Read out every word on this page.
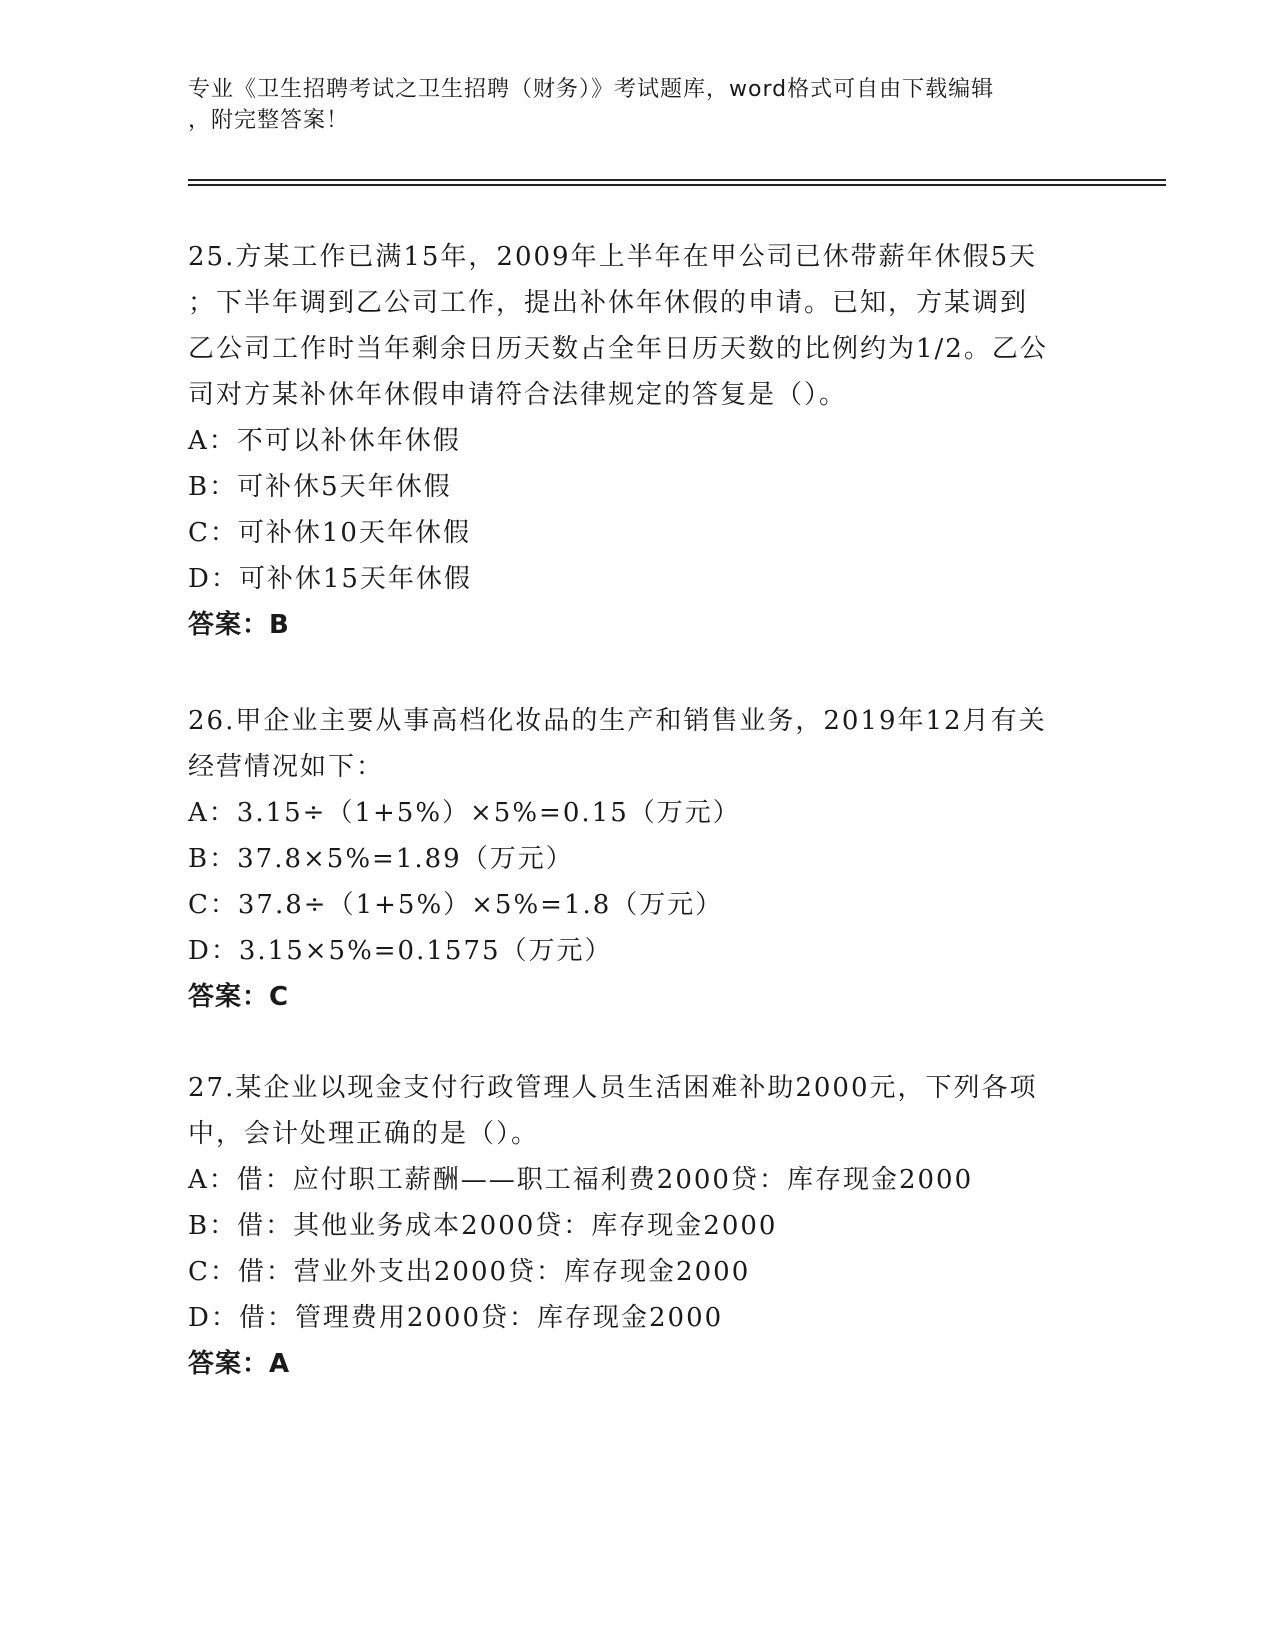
专业《卫生招聘考试之卫生招聘（财务）》考试题库，word格式可自由下载编辑
，附完整答案！

25.方某工作已满15年，2009年上半年在甲公司已休带薪年休假5天

；下半年调到乙公司工作，提出补休年休假的申请。已知，方某调到

乙公司工作时当年剩余日历天数占全年日历天数的比例约为1/2。乙公

司对方某补休年休假申请符合法律规定的答复是（）。

A：不可以补休年休假

B：可补休5天年休假

C：可补休10天年休假

D：可补休15天年休假

答案：B

26.甲企业主要从事高档化妆品的生产和销售业务，2019年12月有关

经营情况如下：

A：3.15÷（1+5%）×5%=0.15（万元）

B：37.8×5%=1.89（万元）

C：37.8÷（1+5%）×5%=1.8（万元）

D：3.15×5%=0.1575（万元）

答案：C

27.某企业以现金支付行政管理人员生活困难补助2000元，下列各项

中，会计处理正确的是（）。

A：借：应付职工薪酬——职工福利费2000贷：库存现金2000

B：借：其他业务成本2000贷：库存现金2000

C：借：营业外支出2000贷：库存现金2000

D：借：管理费用2000贷：库存现金2000

答案：A
